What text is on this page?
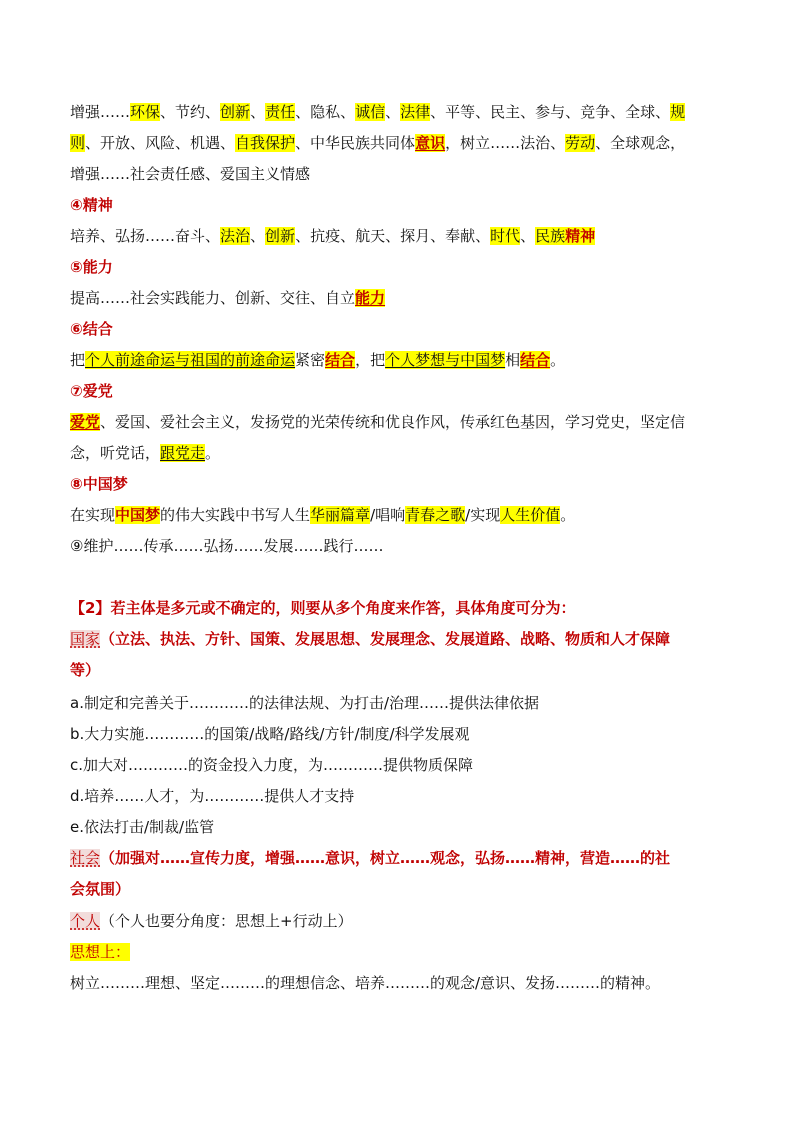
增强……环保、节约、创新、责任、隐私、诚信、法律、平等、民主、参与、竞争、全球、规
则、开放、风险、机遇、自我保护、中华民族共同体意识，树立……法治、劳动、全球观念，
增强……社会责任感、爱国主义情感
④精神
培养、弘扬……奋斗、法治、创新、抗疫、航天、探月、奉献、时代、民族精神
⑤能力
提高……社会实践能力、创新、交往、自立能力
⑥结合
把个人前途命运与祖国的前途命运紧密结合，把个人梦想与中国梦相结合。
⑦爱党
爱党、爱国、爱社会主义，发扬党的光荣传统和优良作风，传承红色基因，学习党史，坚定信
念，听党话，跟党走。
⑧中国梦
在实现中国梦的伟大实践中书写人生华丽篇章/唱响青春之歌/实现人生价值。
⑨维护……传承……弘扬……发展……践行……
【2】若主体是多元或不确定的，则要从多个角度来作答，具体角度可分为：
国家（立法、执法、方针、国策、发展思想、发展理念、发展道路、战略、物质和人才保障
等）
a.制定和完善关于…………的法律法规、为打击/治理……提供法律依据
b.大力实施…………的国策/战略/路线/方针/制度/科学发展观
c.加大对…………的资金投入力度，为…………提供物质保障
d.培养……人才，为…………提供人才支持
e.依法打击/制裁/监管
社会（加强对……宣传力度，增强……意识，树立……观念，弘扬……精神，营造……的社
会氛围）
个人（个人也要分角度：思想上+行动上）
思想上：
树立………理想、坚定………的理想信念、培养………的观念/意识、发扬………的精神。
